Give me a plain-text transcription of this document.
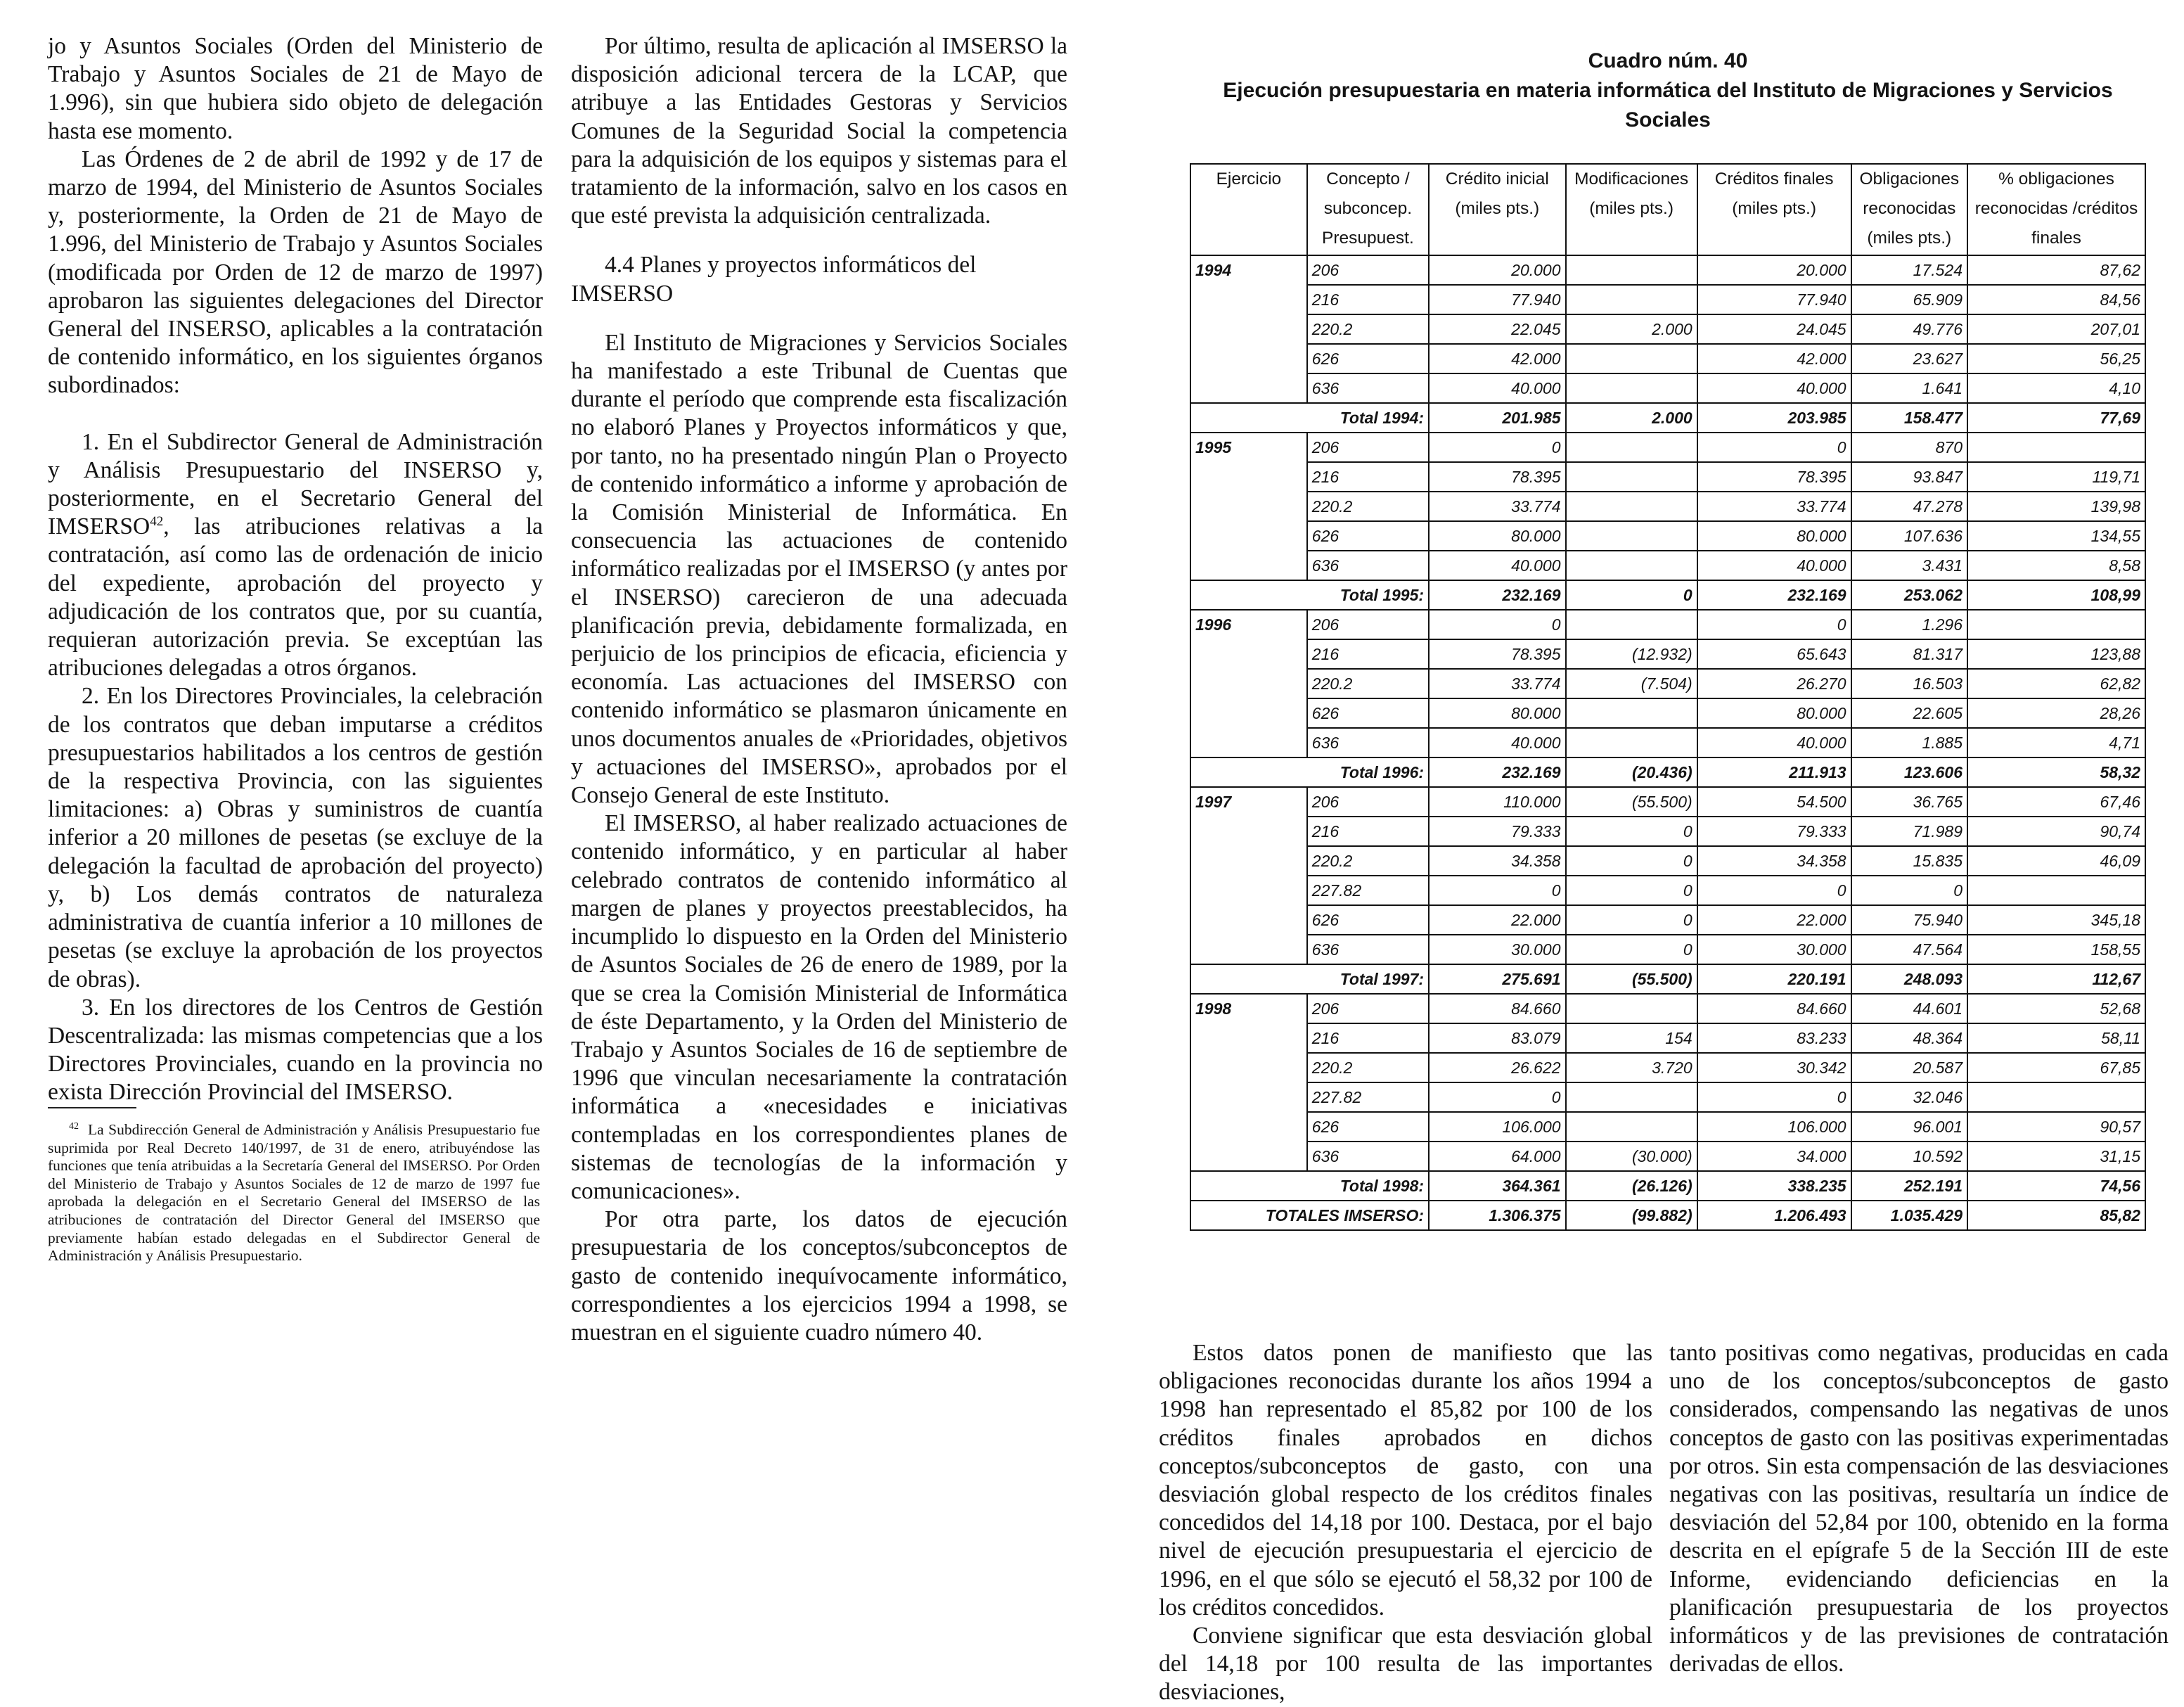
jo y Asuntos Sociales (Orden del Ministerio de Trabajo y Asuntos Sociales de 21 de Mayo de 1.996), sin que hubiera sido objeto de delegación hasta ese momento.

Las Órdenes de 2 de abril de 1992 y de 17 de marzo de 1994, del Ministerio de Asuntos Sociales y, posteriormente, la Orden de 21 de Mayo de 1.996, del Ministerio de Trabajo y Asuntos Sociales (modificada por Orden de 12 de marzo de 1997) aprobaron las siguientes delegaciones del Director General del INSERSO, aplicables a la contratación de contenido informático, en los siguientes órganos subordinados:

1. En el Subdirector General de Administración y Análisis Presupuestario del INSERSO y, posteriormente, en el Secretario General del IMSERSO$^{42}$, las atribuciones relativas a la contratación, así como las de ordenación de inicio del expediente, aprobación del proyecto y adjudicación de los contratos que, por su cuantía, requieran autorización previa. Se exceptúan las atribuciones delegadas a otros órganos.

2. En los Directores Provinciales, la celebración de los contratos que deban imputarse a créditos presupuestarios habilitados a los centros de gestión de la respectiva Provincia, con las siguientes limitaciones: a) Obras y suministros de cuantía inferior a 20 millones de pesetas (se excluye de la delegación la facultad de aprobación del proyecto) y, b) Los demás contratos de naturaleza administrativa de cuantía inferior a 10 millones de pesetas (se excluye la aprobación de los proyectos de obras).

3. En los directores de los Centros de Gestión Descentralizada: las mismas competencias que a los Directores Provinciales, cuando en la provincia no exista Dirección Provincial del IMSERSO.

$^{42}$ La Subdirección General de Administración y Análisis Presupuestario fue suprimida por Real Decreto 140/1997, de 31 de enero, atribuyéndose las funciones que tenía atribuidas a la Secretaría General del IMSERSO. Por Orden del Ministerio de Trabajo y Asuntos Sociales de 12 de marzo de 1997 fue aprobada la delegación en el Secretario General del IMSERSO de las atribuciones de contratación del Director General del IMSERSO que previamente habían estado delegadas en el Subdirector General de Administración y Análisis Presupuestario.

Por último, resulta de aplicación al IMSERSO la disposición adicional tercera de la LCAP, que atribuye a las Entidades Gestoras y Servicios Comunes de la Seguridad Social la competencia para la adquisición de los equipos y sistemas para el tratamiento de la información, salvo en los casos en que esté prevista la adquisición centralizada.

4.4 Planes y proyectos informáticos del IMSERSO

El Instituto de Migraciones y Servicios Sociales ha manifestado a este Tribunal de Cuentas que durante el período que comprende esta fiscalización no elaboró Planes y Proyectos informáticos y que, por tanto, no ha presentado ningún Plan o Proyecto de contenido informático a informe y aprobación de la Comisión Ministerial de Informática. En consecuencia las actuaciones de contenido informático realizadas por el IMSERSO (y antes por el INSERSO) carecieron de una adecuada planificación previa, debidamente formalizada, en perjuicio de los principios de eficacia, eficiencia y economía. Las actuaciones del IMSERSO con contenido informático se plasmaron únicamente en unos documentos anuales de «Prioridades, objetivos y actuaciones del IMSERSO», aprobados por el Consejo General de este Instituto.

El IMSERSO, al haber realizado actuaciones de contenido informático, y en particular al haber celebrado contratos de contenido informático al margen de planes y proyectos preestablecidos, ha incumplido lo dispuesto en la Orden del Ministerio de Asuntos Sociales de 26 de enero de 1989, por la que se crea la Comisión Ministerial de Informática de éste Departamento, y la Orden del Ministerio de Trabajo y Asuntos Sociales de 16 de septiembre de 1996 que vinculan necesariamente la contratación informática a «necesidades e iniciativas contempladas en los correspondientes planes de sistemas de tecnologías de la información y comunicaciones».

Por otra parte, los datos de ejecución presupuestaria de los conceptos/subconceptos de gasto de contenido inequívocamente informático, correspondientes a los ejercicios 1994 a 1998, se muestran en el siguiente cuadro número 40.

Cuadro núm. 40
Ejecución presupuestaria en materia informática del Instituto de Migraciones y Servicios Sociales
Ejercicio	Concepto / subconcep. Presupuest.	Crédito inicial (miles pts.)	Modificaciones (miles pts.)	Créditos finales (miles pts.)	Obligaciones reconocidas (miles pts.)	% obligaciones reconocidas /créditos finales
1994	206	20.000		20.000	17.524	87,62
	216	77.940		77.940	65.909	84,56
	220.2	22.045	2.000	24.045	49.776	207,01
	626	42.000		42.000	23.627	56,25
	636	40.000		40.000	1.641	4,10
Total 1994:		201.985	2.000	203.985	158.477	77,69
1995	206	0		0	870	
	216	78.395		78.395	93.847	119,71
	220.2	33.774		33.774	47.278	139,98
	626	80.000		80.000	107.636	134,55
	636	40.000		40.000	3.431	8,58
Total 1995:		232.169	0	232.169	253.062	108,99
1996	206	0		0	1.296	
	216	78.395	(12.932)	65.643	81.317	123,88
	220.2	33.774	(7.504)	26.270	16.503	62,82
	626	80.000		80.000	22.605	28,26
	636	40.000		40.000	1.885	4,71
Total 1996:		232.169	(20.436)	211.913	123.606	58,32
1997	206	110.000	(55.500)	54.500	36.765	67,46
	216	79.333	0	79.333	71.989	90,74
	220.2	34.358	0	34.358	15.835	46,09
	227.82	0	0	0	0	
	626	22.000	0	22.000	75.940	345,18
	636	30.000	0	30.000	47.564	158,55
Total 1997:		275.691	(55.500)	220.191	248.093	112,67
1998	206	84.660		84.660	44.601	52,68
	216	83.079	154	83.233	48.364	58,11
	220.2	26.622	3.720	30.342	20.587	67,85
	227.82	0		0	32.046	
	626	106.000		106.000	96.001	90,57
	636	64.000	(30.000)	34.000	10.592	31,15
Total 1998:		364.361	(26.126)	338.235	252.191	74,56
TOTALES IMSERSO:		1.306.375	(99.882)	1.206.493	1.035.429	85,82

Estos datos ponen de manifiesto que las obligaciones reconocidas durante los años 1994 a 1998 han representado el 85,82 por 100 de los créditos finales aprobados en dichos conceptos/subconceptos de gasto, con una desviación global respecto de los créditos finales concedidos del 14,18 por 100. Destaca, por el bajo nivel de ejecución presupuestaria el ejercicio de 1996, en el que sólo se ejecutó el 58,32 por 100 de los créditos concedidos.

Conviene significar que esta desviación global del 14,18 por 100 resulta de las importantes desviaciones,

tanto positivas como negativas, producidas en cada uno de los conceptos/subconceptos de gasto considerados, compensando las negativas de unos conceptos de gasto con las positivas experimentadas por otros. Sin esta compensación de las desviaciones negativas con las positivas, resultaría un índice de desviación del 52,84 por 100, obtenido en la forma descrita en el epígrafe 5 de la Sección III de este Informe, evidenciando deficiencias en la planificación presupuestaria de los proyectos informáticos y de las previsiones de contratación derivadas de ellos.
